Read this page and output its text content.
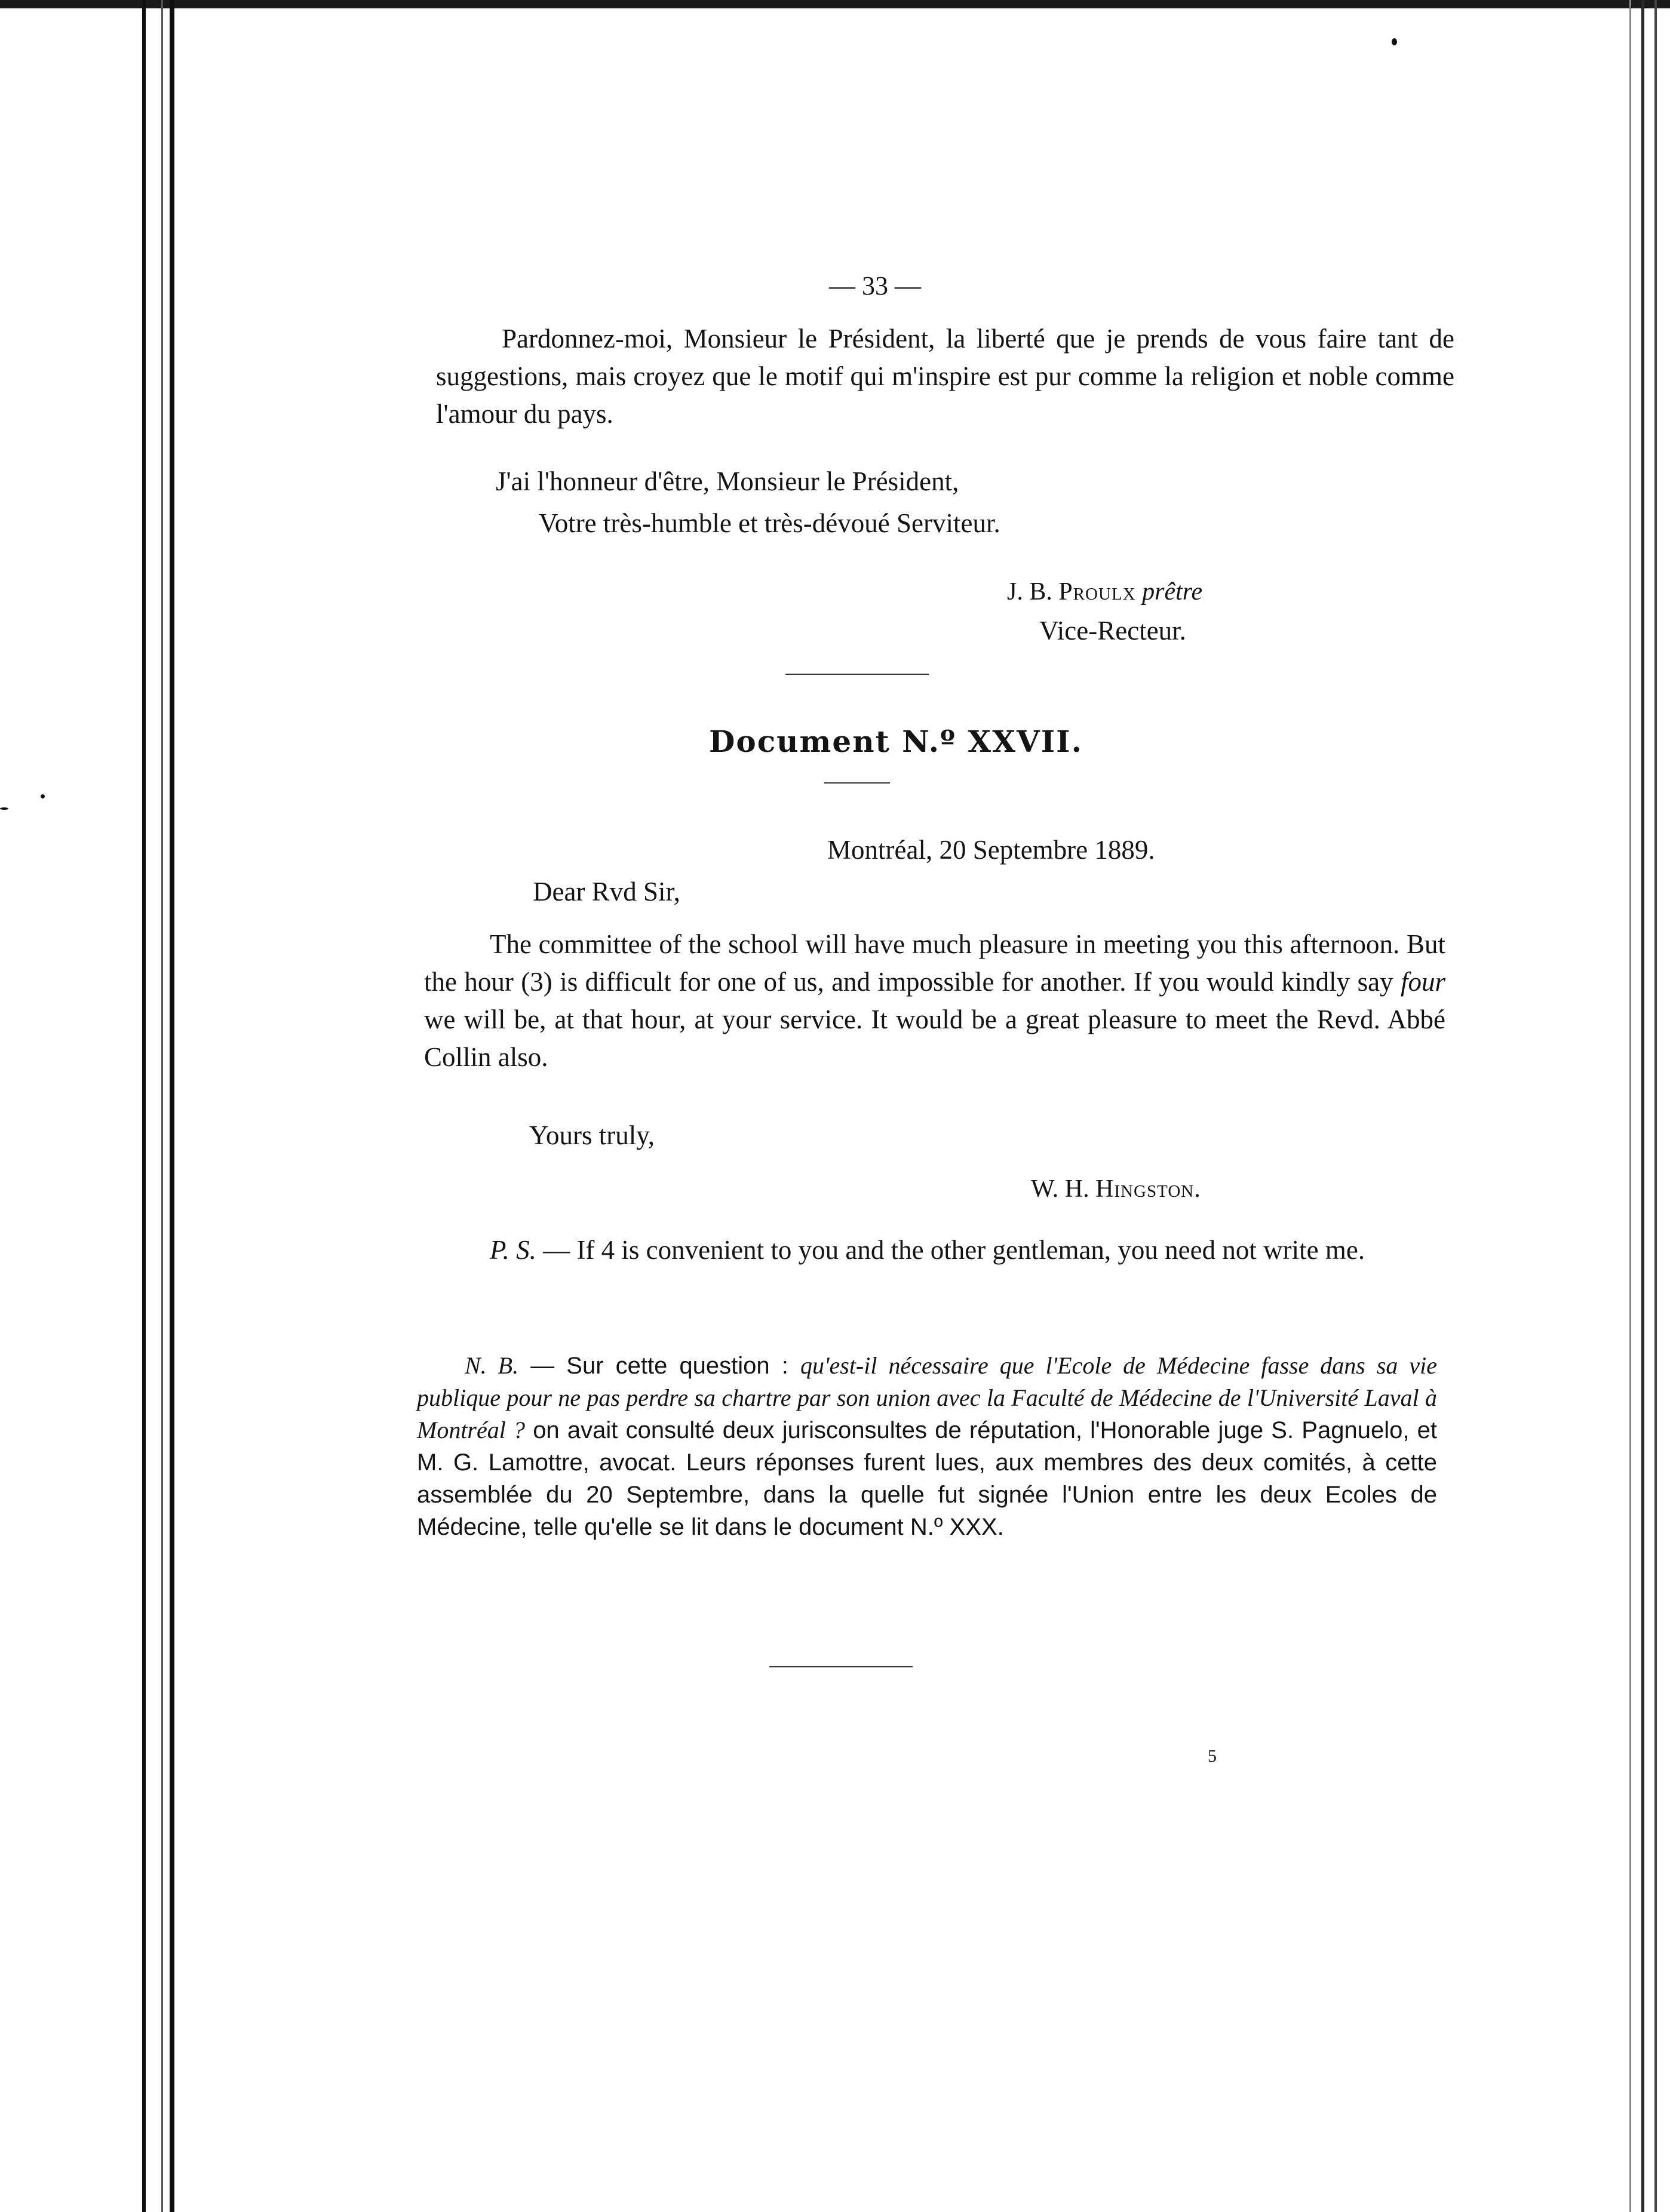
— 33 —
Pardonnez-moi, Monsieur le Président, la liberté que je prends de vous faire tant de suggestions, mais croyez que le motif qui m'inspire est pur comme la religion et noble comme l'amour du pays.
J'ai l'honneur d'être, Monsieur le Président,
Votre très-humble et très-dévoué Serviteur.
J. B. Proulx prêtre
Vice-Recteur.
Document N.º XXVII.
Montréal, 20 Septembre 1889.
Dear Rvd Sir,
The committee of the school will have much pleasure in meeting you this afternoon. But the hour (3) is difficult for one of us, and impossible for another. If you would kindly say four we will be, at that hour, at your service. It would be a great pleasure to meet the Revd. Abbé Collin also.
Yours truly,
W. H. Hingston.
P. S. — If 4 is convenient to you and the other gentleman, you need not write me.
N. B. — Sur cette question : qu'est-il nécessaire que l'Ecole de Médecine fasse dans sa vie publique pour ne pas perdre sa chartre par son union avec la Faculté de Médecine de l'Université Laval à Montréal ? on avait consulté deux jurisconsultes de réputation, l'Honorable juge S. Pagnuelo, et M. G. Lamottre, avocat. Leurs réponses furent lues, aux membres des deux comités, à cette assemblée du 20 Septembre, dans la quelle fut signée l'Union entre les deux Ecoles de Médecine, telle qu'elle se lit dans le document N.º XXX.
5
